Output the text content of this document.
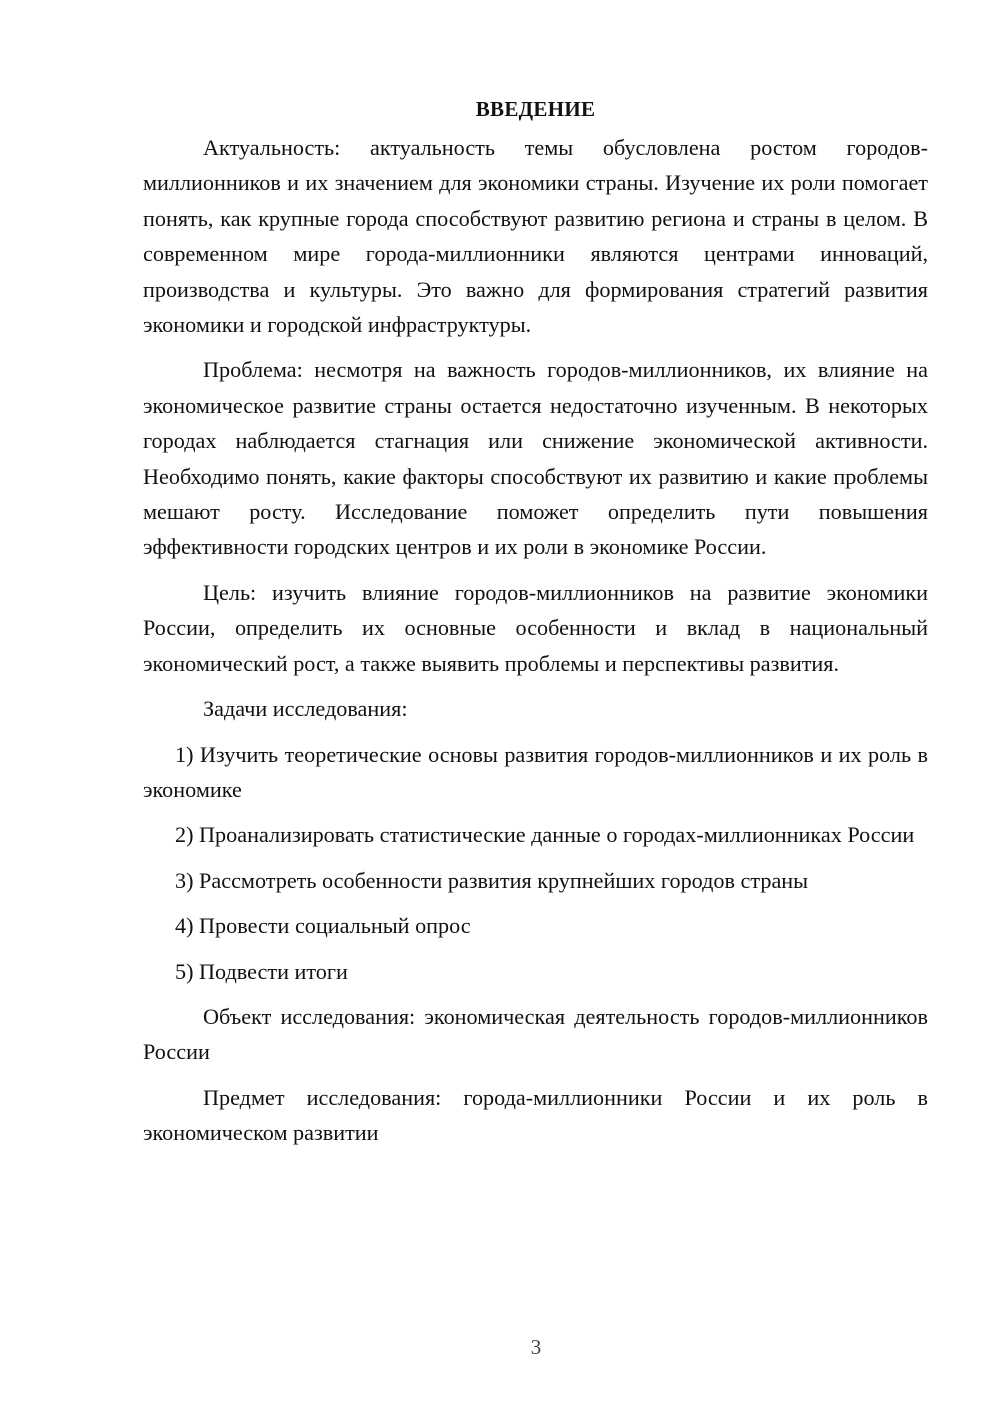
ВВЕДЕНИЕ

Актуальность: актуальность темы обусловлена ростом городов-миллионников и их значением для экономики страны. Изучение их роли помогает понять, как крупные города способствуют развитию региона и страны в целом. В современном мире города-миллионники являются центрами инноваций, производства и культуры. Это важно для формирования стратегий развития экономики и городской инфраструктуры.

Проблема: несмотря на важность городов-миллионников, их влияние на экономическое развитие страны остается недостаточно изученным. В некоторых городах наблюдается стагнация или снижение экономической активности. Необходимо понять, какие факторы способствуют их развитию и какие проблемы мешают росту. Исследование поможет определить пути повышения эффективности городских центров и их роли в экономике России.

Цель: изучить влияние городов-миллионников на развитие экономики России, определить их основные особенности и вклад в национальный экономический рост, а также выявить проблемы и перспективы развития.

Задачи исследования:

1) Изучить теоретические основы развития городов-миллионников и их роль в экономике

2) Проанализировать статистические данные о городах-миллионниках России

3) Рассмотреть особенности развития крупнейших городов страны

4) Провести социальный опрос

5) Подвести итоги

Объект исследования: экономическая деятельность городов-миллионников России

Предмет исследования: города-миллионники России и их роль в экономическом развитии

3
